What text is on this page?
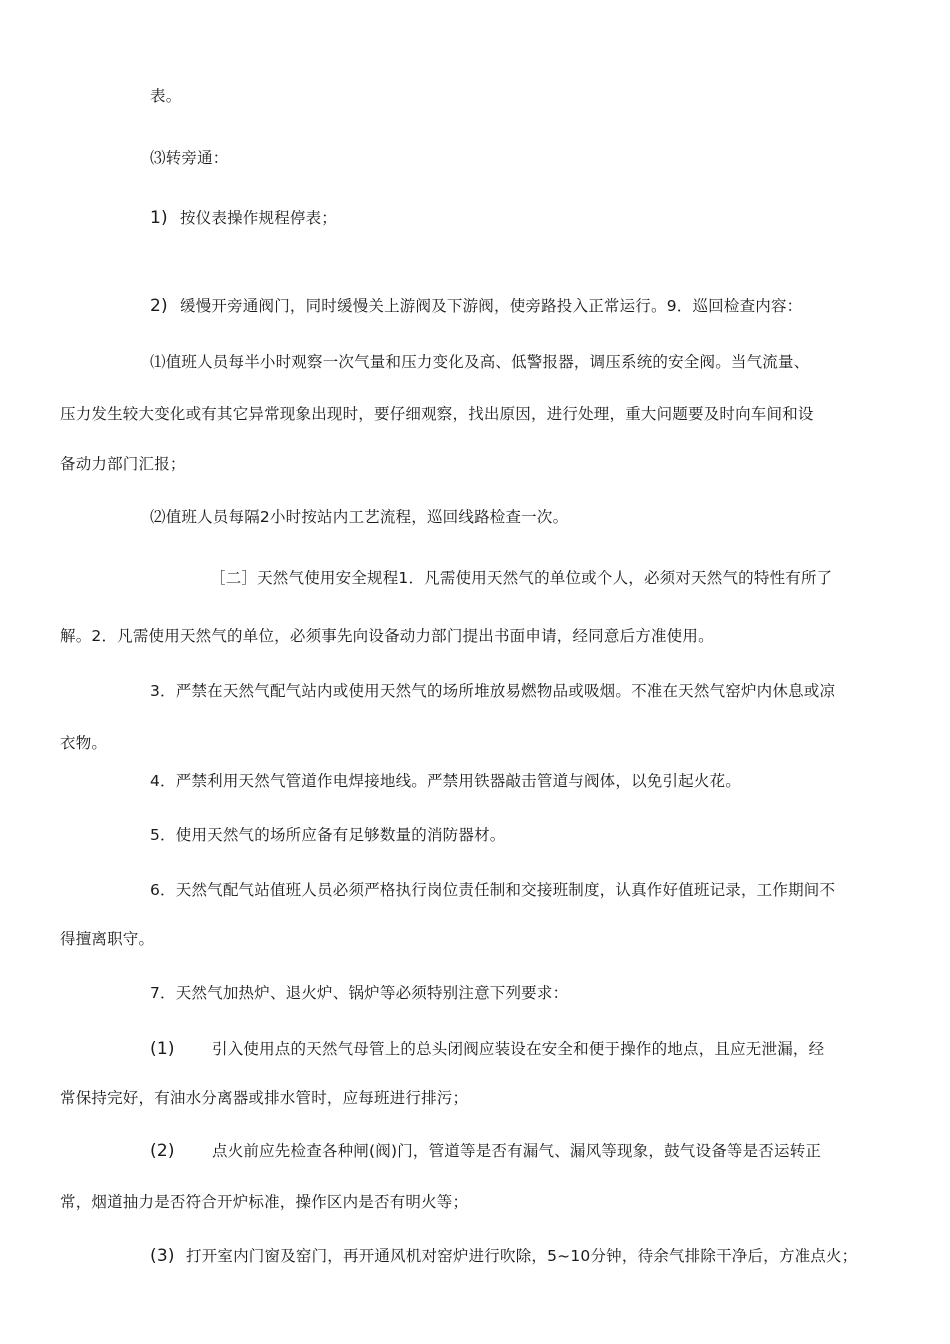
表。
⑶转旁通：
1) 按仪表操作规程停表；
2) 缓慢开旁通阀门，同时缓慢关上游阀及下游阀，使旁路投入正常运行。9．巡回检查内容：
⑴值班人员每半小时观察一次气量和压力变化及高、低警报器，调压系统的安全阀。当气流量、
压力发生较大变化或有其它异常现象出现时，要仔细观察，找出原因，进行处理，重大问题要及时向车间和设
备动力部门汇报；
⑵值班人员每隔2小时按站内工艺流程，巡回线路检查一次。
［二］天然气使用安全规程1．凡需使用天然气的单位或个人，必须对天然气的特性有所了
解。2．凡需使用天然气的单位，必须事先向设备动力部门提出书面申请，经同意后方准使用。
3．严禁在天然气配气站内或使用天然气的场所堆放易燃物品或吸烟。不准在天然气窑炉内休息或凉
衣物。
4．严禁利用天然气管道作电焊接地线。严禁用铁器敲击管道与阀体，以免引起火花。
5．使用天然气的场所应备有足够数量的消防器材。
6．天然气配气站值班人员必须严格执行岗位责任制和交接班制度，认真作好值班记录，工作期间不
得擅离职守。
7．天然气加热炉、退火炉、锅炉等必须特别注意下列要求：
(1) 引入使用点的天然气母管上的总头闭阀应装设在安全和便于操作的地点，且应无泄漏，经
常保持完好，有油水分离器或排水管时，应每班进行排污；
(2) 点火前应先检查各种闸(阀)门，管道等是否有漏气、漏风等现象，鼓气设备等是否运转正
常，烟道抽力是否符合开炉标准，操作区内是否有明火等；
(3) 打开室内门窗及窑门，再开通风机对窑炉进行吹除，5~10分钟，待余气排除干净后，方准点火；
